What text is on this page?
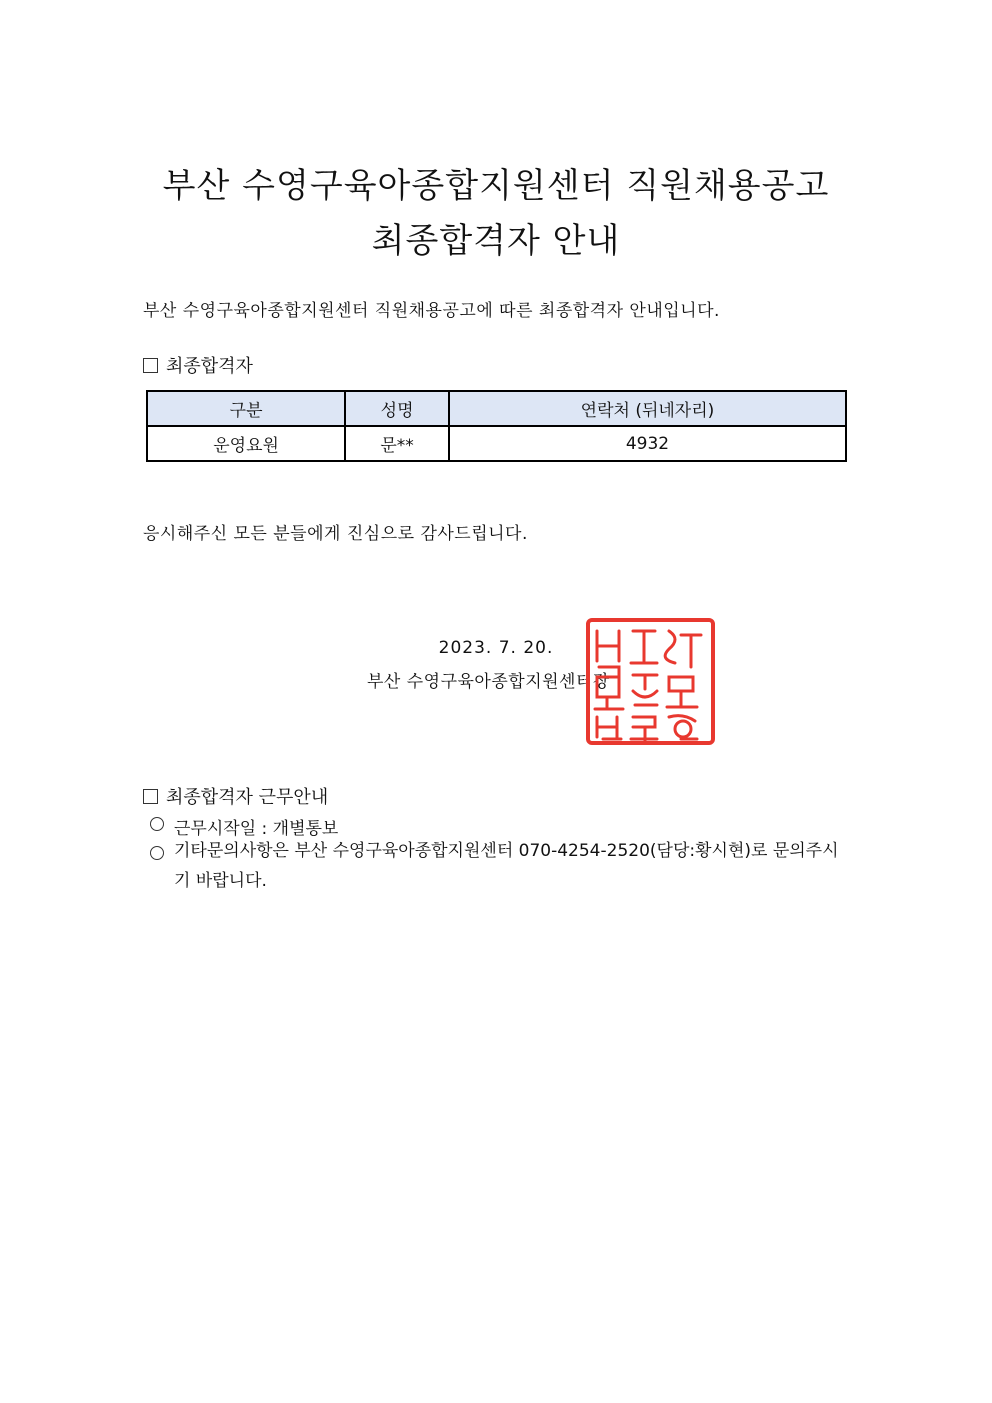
부산 수영구육아종합지원센터 직원채용공고
최종합격자 안내
부산 수영구육아종합지원센터 직원채용공고에 따른 최종합격자 안내입니다.
최종합격자
구분	성명	연락처 (뒤네자리)
운영요원	문**	4932
응시해주신 모든 분들에게 진심으로 감사드립니다.
2023. 7. 20.
부산 수영구육아종합지원센터장
최종합격자 근무안내
근무시작일 : 개별통보
기타문의사항은 부산 수영구육아종합지원센터 070-4254-2520(담당:황시현)로 문의주시기 바랍니다.
